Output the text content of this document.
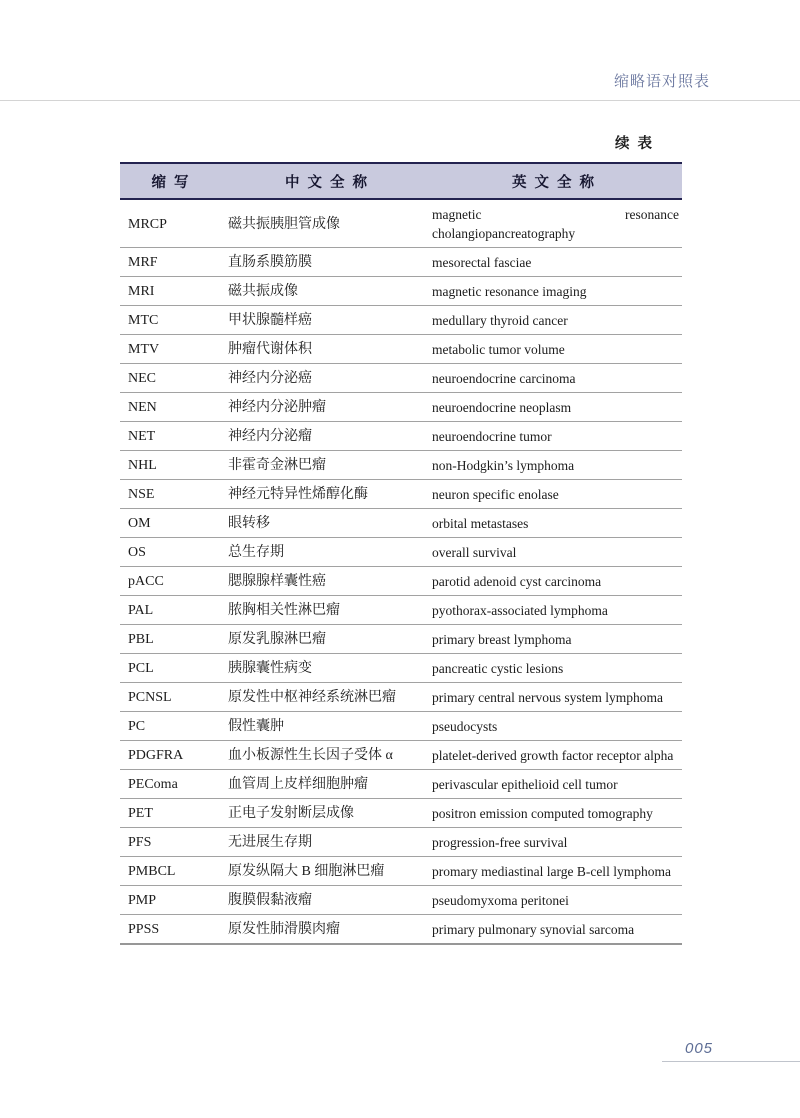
缩略语对照表
续表
缩写	中文全称	英文全称
MRCP	磁共振胰胆管成像	magnetic resonance cholangiopancreatography
MRF	直肠系膜筋膜	mesorectal fasciae
MRI	磁共振成像	magnetic resonance imaging
MTC	甲状腺髓样癌	medullary thyroid cancer
MTV	肿瘤代谢体积	metabolic tumor volume
NEC	神经内分泌癌	neuroendocrine carcinoma
NEN	神经内分泌肿瘤	neuroendocrine neoplasm
NET	神经内分泌瘤	neuroendocrine tumor
NHL	非霍奇金淋巴瘤	non-Hodgkin’s lymphoma
NSE	神经元特异性烯醇化酶	neuron specific enolase
OM	眼转移	orbital metastases
OS	总生存期	overall survival
pACC	腮腺腺样囊性癌	parotid adenoid cyst carcinoma
PAL	脓胸相关性淋巴瘤	pyothorax-associated lymphoma
PBL	原发乳腺淋巴瘤	primary breast lymphoma
PCL	胰腺囊性病变	pancreatic cystic lesions
PCNSL	原发性中枢神经系统淋巴瘤	primary central nervous system lymphoma
PC	假性囊肿	pseudocysts
PDGFRA	血小板源性生长因子受体 α	platelet-derived growth factor receptor alpha
PEComa	血管周上皮样细胞肿瘤	perivascular epithelioid cell tumor
PET	正电子发射断层成像	positron emission computed tomography
PFS	无进展生存期	progression-free survival
PMBCL	原发纵隔大 B 细胞淋巴瘤	promary mediastinal large B-cell lymphoma
PMP	腹膜假黏液瘤	pseudomyxoma peritonei
PPSS	原发性肺滑膜肉瘤	primary pulmonary synovial sarcoma
005
